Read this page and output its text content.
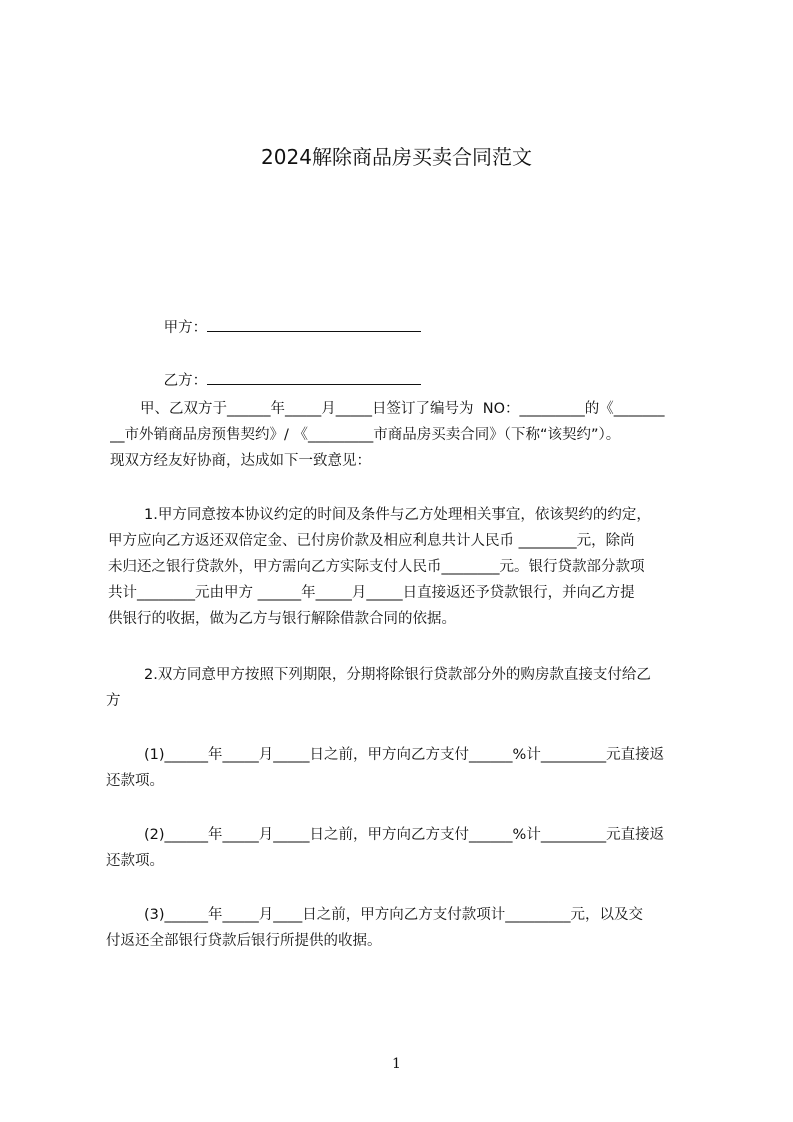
2024解除商品房买卖合同范文

甲方：

乙方：

甲、乙双方于______年_____月_____日签订了编号为  NO：_________的《_______
__市外销商品房预售契约》/ 《_________市商品房买卖合同》（下称“该契约”）。
现双方经友好协商，达成如下一致意见：
1.甲方同意按本协议约定的时间及条件与乙方处理相关事宜，依该契约的约定，
甲方应向乙方返还双倍定金、已付房价款及相应利息共计人民币 ________元，除尚
未归还之银行贷款外，甲方需向乙方实际支付人民币________元。银行贷款部分款项
共计________元由甲方 ______年_____月_____日直接返还予贷款银行，并向乙方提
供银行的收据，做为乙方与银行解除借款合同的依据。
2.双方同意甲方按照下列期限，分期将除银行贷款部分外的购房款直接支付给乙
方
(1)______年_____月_____日之前，甲方向乙方支付______%计_________元直接返
还款项。
(2)______年_____月_____日之前，甲方向乙方支付______%计_________元直接返
还款项。
(3)______年_____月____日之前，甲方向乙方支付款项计_________元，以及交
付返还全部银行贷款后银行所提供的收据。
1
